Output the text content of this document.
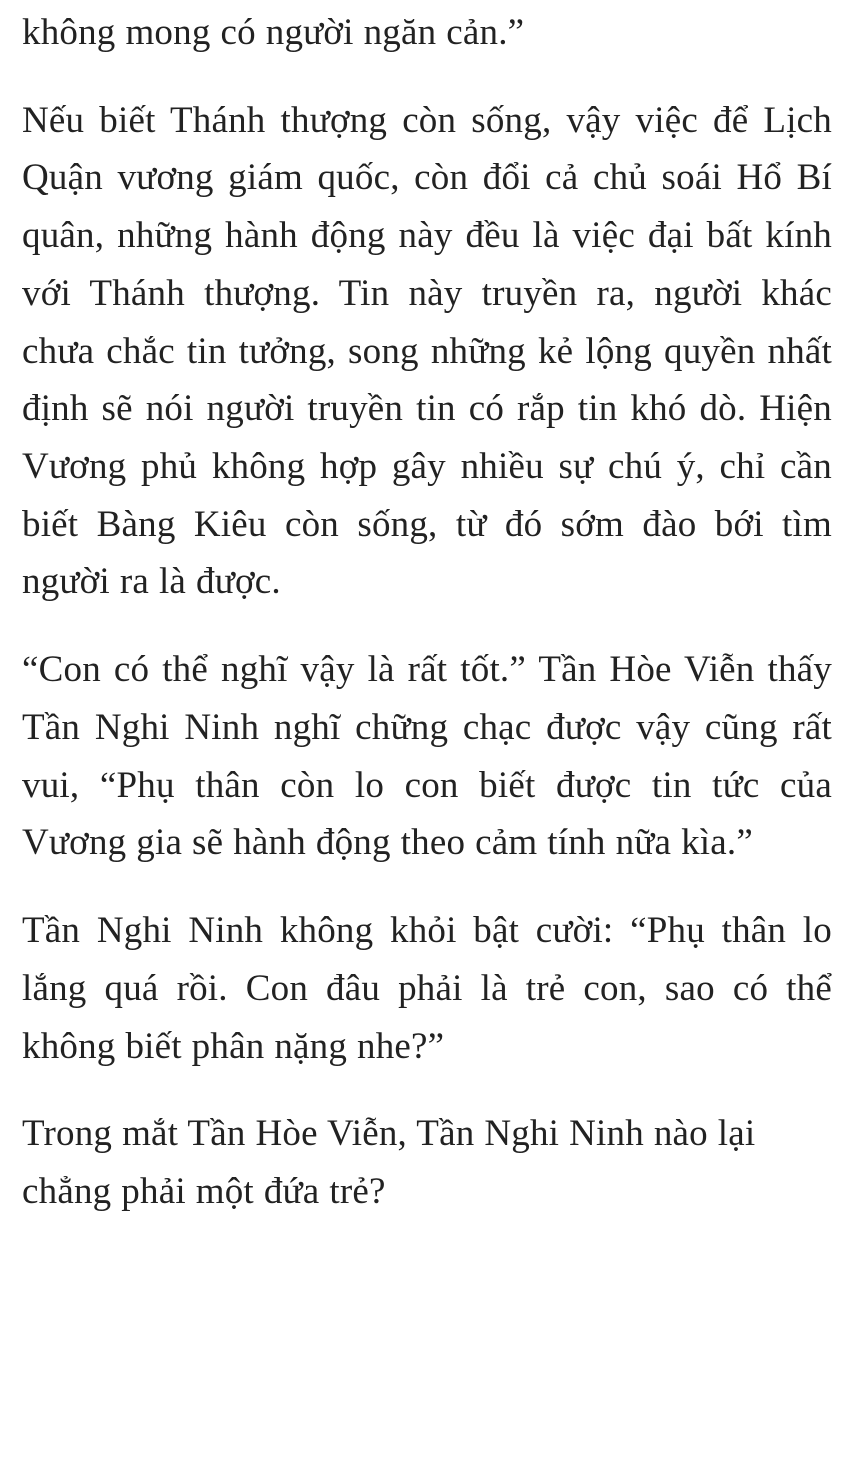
không mong có người ngăn cản.”

Nếu biết Thánh thượng còn sống, vậy việc để Lịch Quận vương giám quốc, còn đổi cả chủ soái Hổ Bí quân, những hành động này đều là việc đại bất kính với Thánh thượng. Tin này truyền ra, người khác chưa chắc tin tưởng, song những kẻ lộng quyền nhất định sẽ nói người truyền tin có rắp tin khó dò. Hiện Vương phủ không hợp gây nhiều sự chú ý, chỉ cần biết Bàng Kiêu còn sống, từ đó sớm đào bới tìm người ra là được.

“Con có thể nghĩ vậy là rất tốt.” Tần Hòe Viễn thấy Tần Nghi Ninh nghĩ chững chạc được vậy cũng rất vui, “Phụ thân còn lo con biết được tin tức của Vương gia sẽ hành động theo cảm tính nữa kìa.”

Tần Nghi Ninh không khỏi bật cười: “Phụ thân lo lắng quá rồi. Con đâu phải là trẻ con, sao có thể không biết phân nặng nhe?”

Trong mắt Tần Hòe Viễn, Tần Nghi Ninh nào lại chẳng phải một đứa trẻ?
